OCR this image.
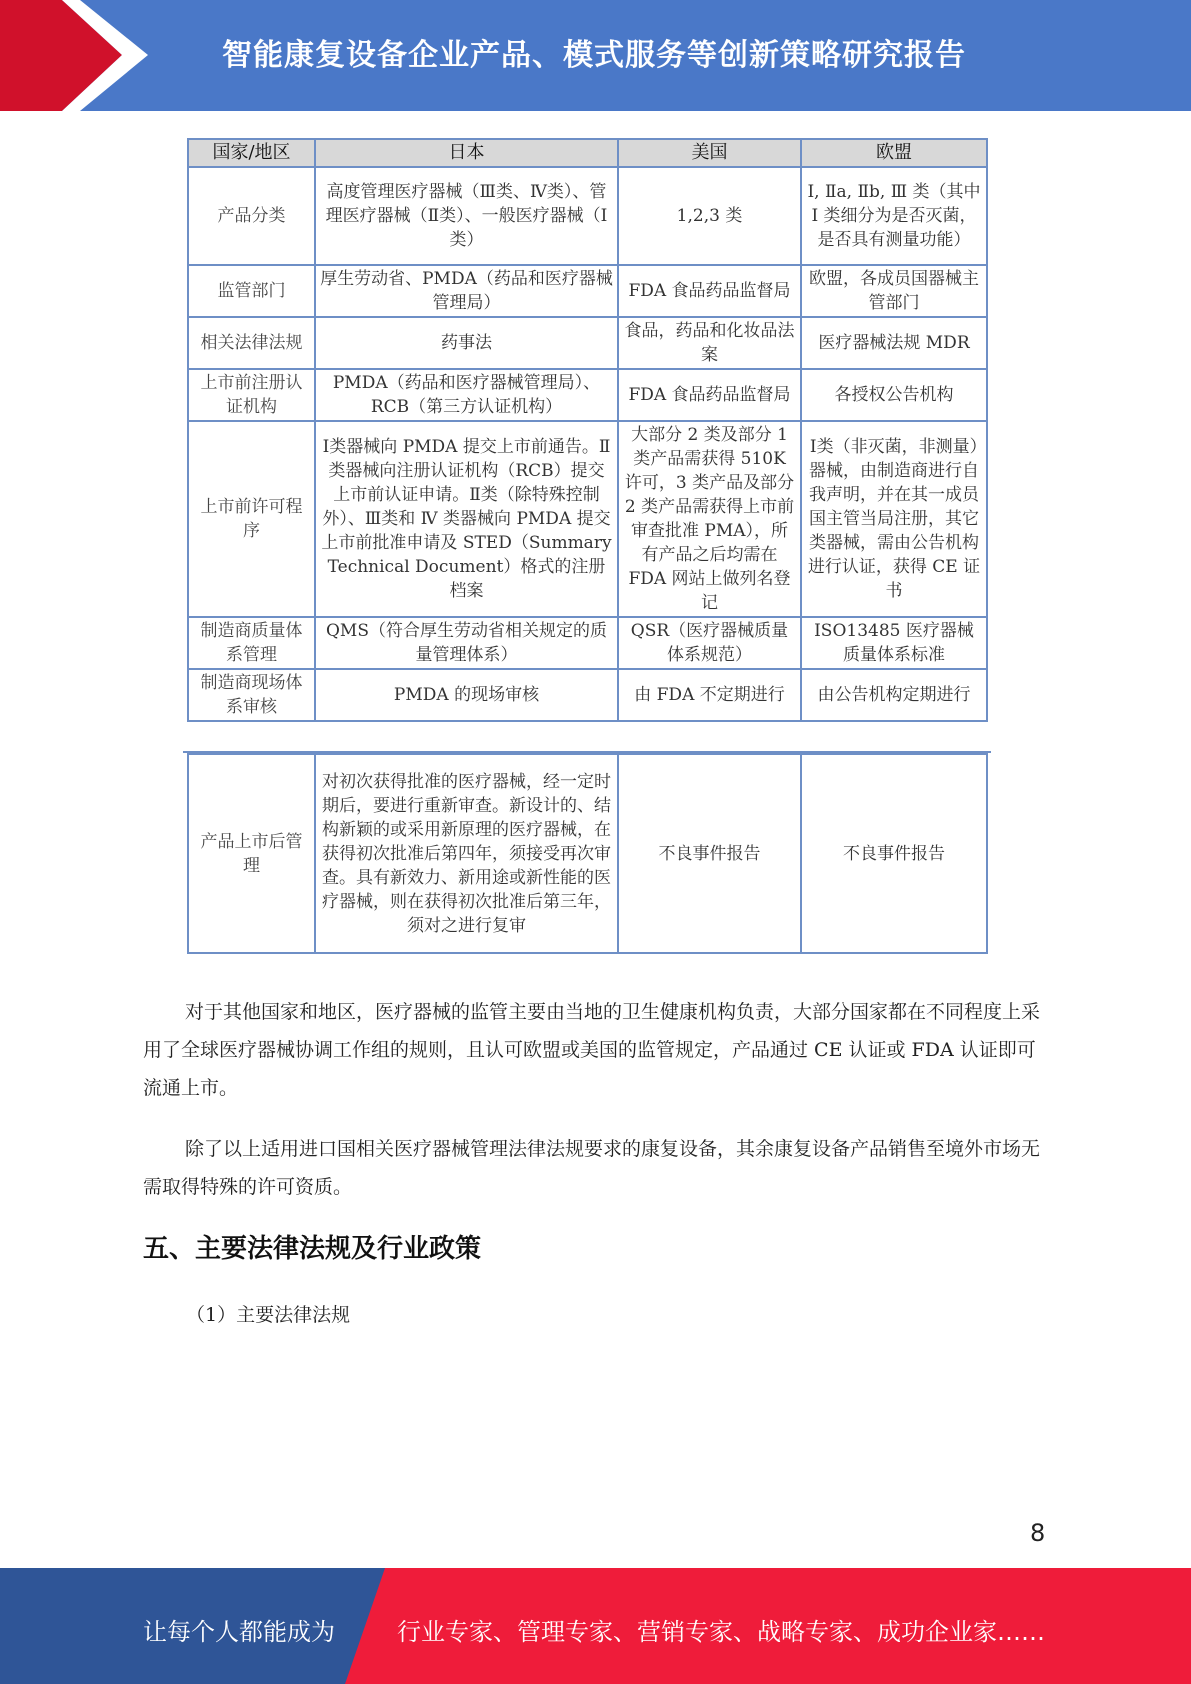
智能康复设备企业产品、模式服务等创新策略研究报告
国家/地区	日本	美国	欧盟
产品分类	高度管理医疗器械（Ⅲ类、Ⅳ类）、管理医疗器械（Ⅱ类）、一般医疗器械（Ⅰ类）	1,2,3 类	Ⅰ, Ⅱa, Ⅱb, Ⅲ 类（其中 Ⅰ 类细分为是否灭菌，是否具有测量功能）
监管部门	厚生劳动省、PMDA（药品和医疗器械管理局）	FDA 食品药品监督局	欧盟，各成员国器械主管部门
相关法律法规	药事法	食品，药品和化妆品法案	医疗器械法规 MDR
上市前注册认证机构	PMDA（药品和医疗器械管理局）、RCB（第三方认证机构）	FDA 食品药品监督局	各授权公告机构
上市前许可程序	Ⅰ类器械向 PMDA 提交上市前通告。Ⅱ类器械向注册认证机构（RCB）提交上市前认证申请。Ⅱ类（除特殊控制外）、Ⅲ类和 Ⅳ 类器械向 PMDA 提交上市前批准申请及 STED（Summary Technical Document）格式的注册档案	大部分 2 类及部分 1 类产品需获得 510K 许可，3 类产品及部分 2 类产品需获得上市前审查批准 PMA），所有产品之后均需在 FDA 网站上做列名登记	Ⅰ类（非灭菌，非测量）器械，由制造商进行自我声明，并在其一成员国主管当局注册，其它类器械，需由公告机构进行认证，获得 CE 证书
制造商质量体系管理	QMS（符合厚生劳动省相关规定的质量管理体系）	QSR（医疗器械质量体系规范）	ISO13485 医疗器械质量体系标准
制造商现场体系审核	PMDA 的现场审核	由 FDA 不定期进行	由公告机构定期进行
产品上市后管理	对初次获得批准的医疗器械，经一定时期后，要进行重新审查。新设计的、结构新颖的或采用新原理的医疗器械，在获得初次批准后第四年，须接受再次审查。具有新效力、新用途或新性能的医疗器械，则在获得初次批准后第三年，须对之进行复审	不良事件报告	不良事件报告

对于其他国家和地区，医疗器械的监管主要由当地的卫生健康机构负责，大部分国家都在不同程度上采用了全球医疗器械协调工作组的规则，且认可欧盟或美国的监管规定，产品通过 CE 认证或 FDA 认证即可流通上市。

除了以上适用进口国相关医疗器械管理法律法规要求的康复设备，其余康复设备产品销售至境外市场无需取得特殊的许可资质。

五、主要法律法规及行业政策
（1）主要法律法规
8
让每个人都能成为	行业专家、管理专家、营销专家、战略专家、成功企业家……
